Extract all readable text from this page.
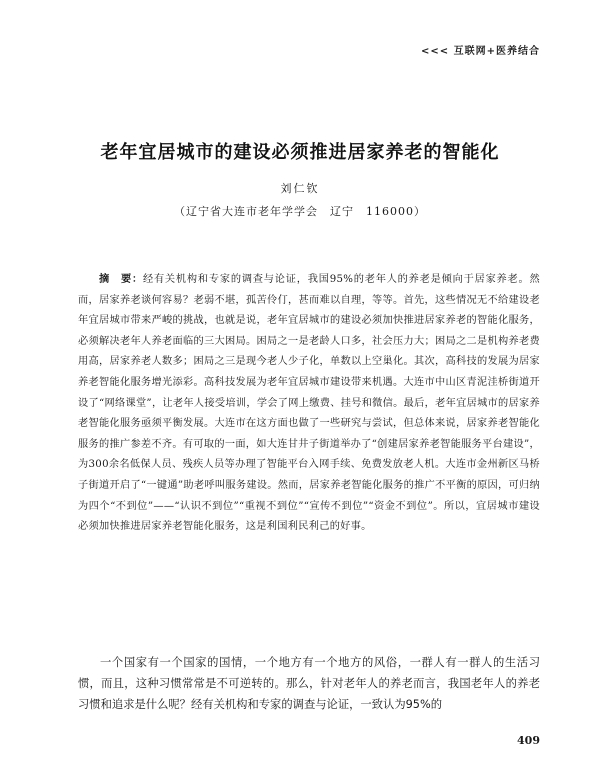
<<< 互联网+医养结合
老年宜居城市的建设必须推进居家养老的智能化
刘仁钦
（辽宁省大连市老年学学会　辽宁　116000）

摘　要：经有关机构和专家的调查与论证，我国95%的老年人的养老是倾向于居家养老。然而，居家养老谈何容易？老弱不堪，孤苦伶仃，甚而难以自理，等等。首先，这些情况无不给建设老年宜居城市带来严峻的挑战，也就是说，老年宜居城市的建设必须加快推进居家养老的智能化服务，必须解决老年人养老面临的三大困局。困局之一是老龄人口多，社会压力大；困局之二是机构养老费用高，居家养老人数多；困局之三是现今老人少子化，单数以上空巢化。其次，高科技的发展为居家养老智能化服务增光添彩。高科技发展为老年宜居城市建设带来机遇。大连市中山区青泥洼桥街道开设了“网络课堂”，让老年人接受培训，学会了网上缴费、挂号和微信。最后，老年宜居城市的居家养老智能化服务亟须平衡发展。大连市在这方面也做了一些研究与尝试，但总体来说，居家养老智能化服务的推广参差不齐。有可取的一面，如大连甘井子街道举办了“创建居家养老智能服务平台建设”，为300余名低保人员、残疾人员等办理了智能平台入网手续、免费发放老人机。大连市金州新区马桥子街道开启了“一键通”助老呼叫服务建设。然而，居家养老智能化服务的推广不平衡的原因，可归纳为四个“不到位”——“认识不到位”“重视不到位”“宣传不到位”“资金不到位”。所以，宜居城市建设必须加快推进居家养老智能化服务，这是利国利民利己的好事。

一个国家有一个国家的国情，一个地方有一个地方的风俗，一群人有一群人的生活习惯，而且，这种习惯常常是不可逆转的。那么，针对老年人的养老而言，我国老年人的养老习惯和追求是什么呢？经有关机构和专家的调查与论证，一致认为95%的

409
